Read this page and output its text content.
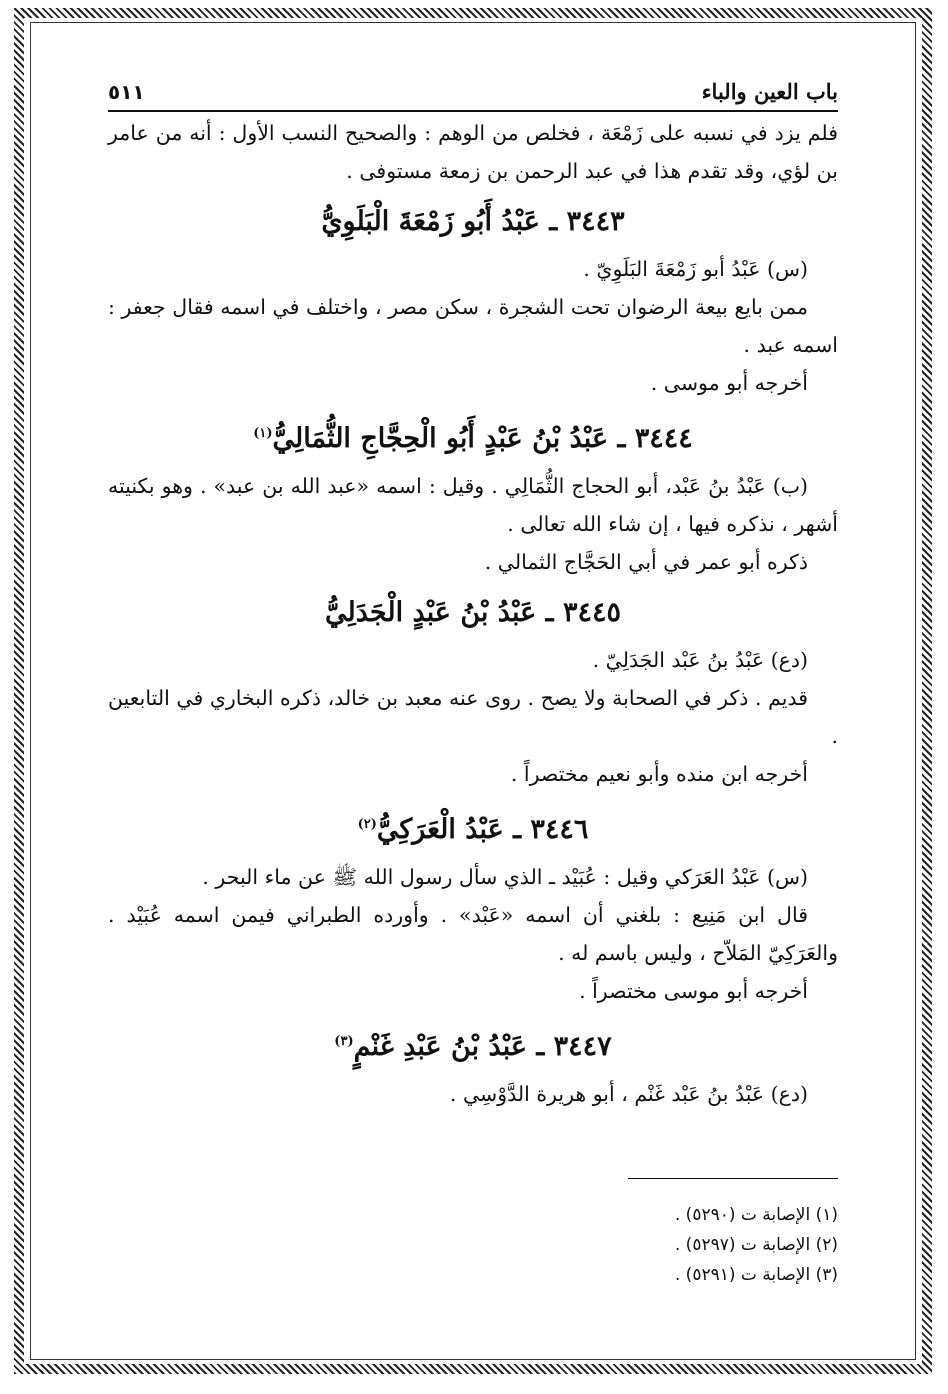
باب العين والباء
٥١١

فلم يزد في نسبه على زَمْعَة ، فخلص من الوهم : والصحيح النسب الأول : أنه من عامر بن لؤي، وقد تقدم هذا في عبد الرحمن بن زمعة مستوفى .

٣٤٤٣ ـ عَبْدُ أَبُو زَمْعَةَ الْبَلَوِيُّ

(س) عَبْدُ أبو زَمْعَةَ البَلَوِيّ .

ممن بايع بيعة الرضوان تحت الشجرة ، سكن مصر ، واختلف في اسمه فقال جعفر : اسمه عبد .

أخرجه أبو موسى .

٣٤٤٤ ـ عَبْدُ بْنُ عَبْدٍ أَبُو الْحِجَّاجِ الثُّمَالِيُّ$^{(١)}$

(ب) عَبْدُ بنُ عَبْد، أبو الحجاج الثُّمَالِي . وقيل : اسمه «عبد الله بن عبد» . وهو بكنيته أشهر ، نذكره فيها ، إن شاء الله تعالى .

ذكره أبو عمر في أبي الحَجَّاج الثمالي .

٣٤٤٥ ـ عَبْدُ بْنُ عَبْدٍ الْجَدَلِيُّ

(دع) عَبْدُ بنُ عَبْد الجَدَلِيّ .

قديم . ذكر في الصحابة ولا يصح . روى عنه معبد بن خالد، ذكره البخاري في التابعين .

أخرجه ابن منده وأبو نعيم مختصراً .

٣٤٤٦ ـ عَبْدُ الْعَرَكِيُّ$^{(٢)}$

(س) عَبْدُ العَرَكي وقيل : عُبَيْد ـ الذي سأل رسول الله ﷺ عن ماء البحر .

قال ابن مَنِيع : بلغني أن اسمه «عَبْد» . وأورده الطبراني فيمن اسمه عُبَيْد . والعَرَكِيّ المَلاّح ، وليس باسم له .

أخرجه أبو موسى مختصراً .

٣٤٤٧ ـ عَبْدُ بْنُ عَبْدِ غَنْمٍ$^{(٣)}$

(دع) عَبْدُ بنُ عَبْد غَنْم ، أبو هريرة الدَّوْسِي .

(١) الإصابة ت (٥٢٩٠) .

(٢) الإصابة ت (٥٢٩٧) .

(٣) الإصابة ت (٥٢٩١) .
